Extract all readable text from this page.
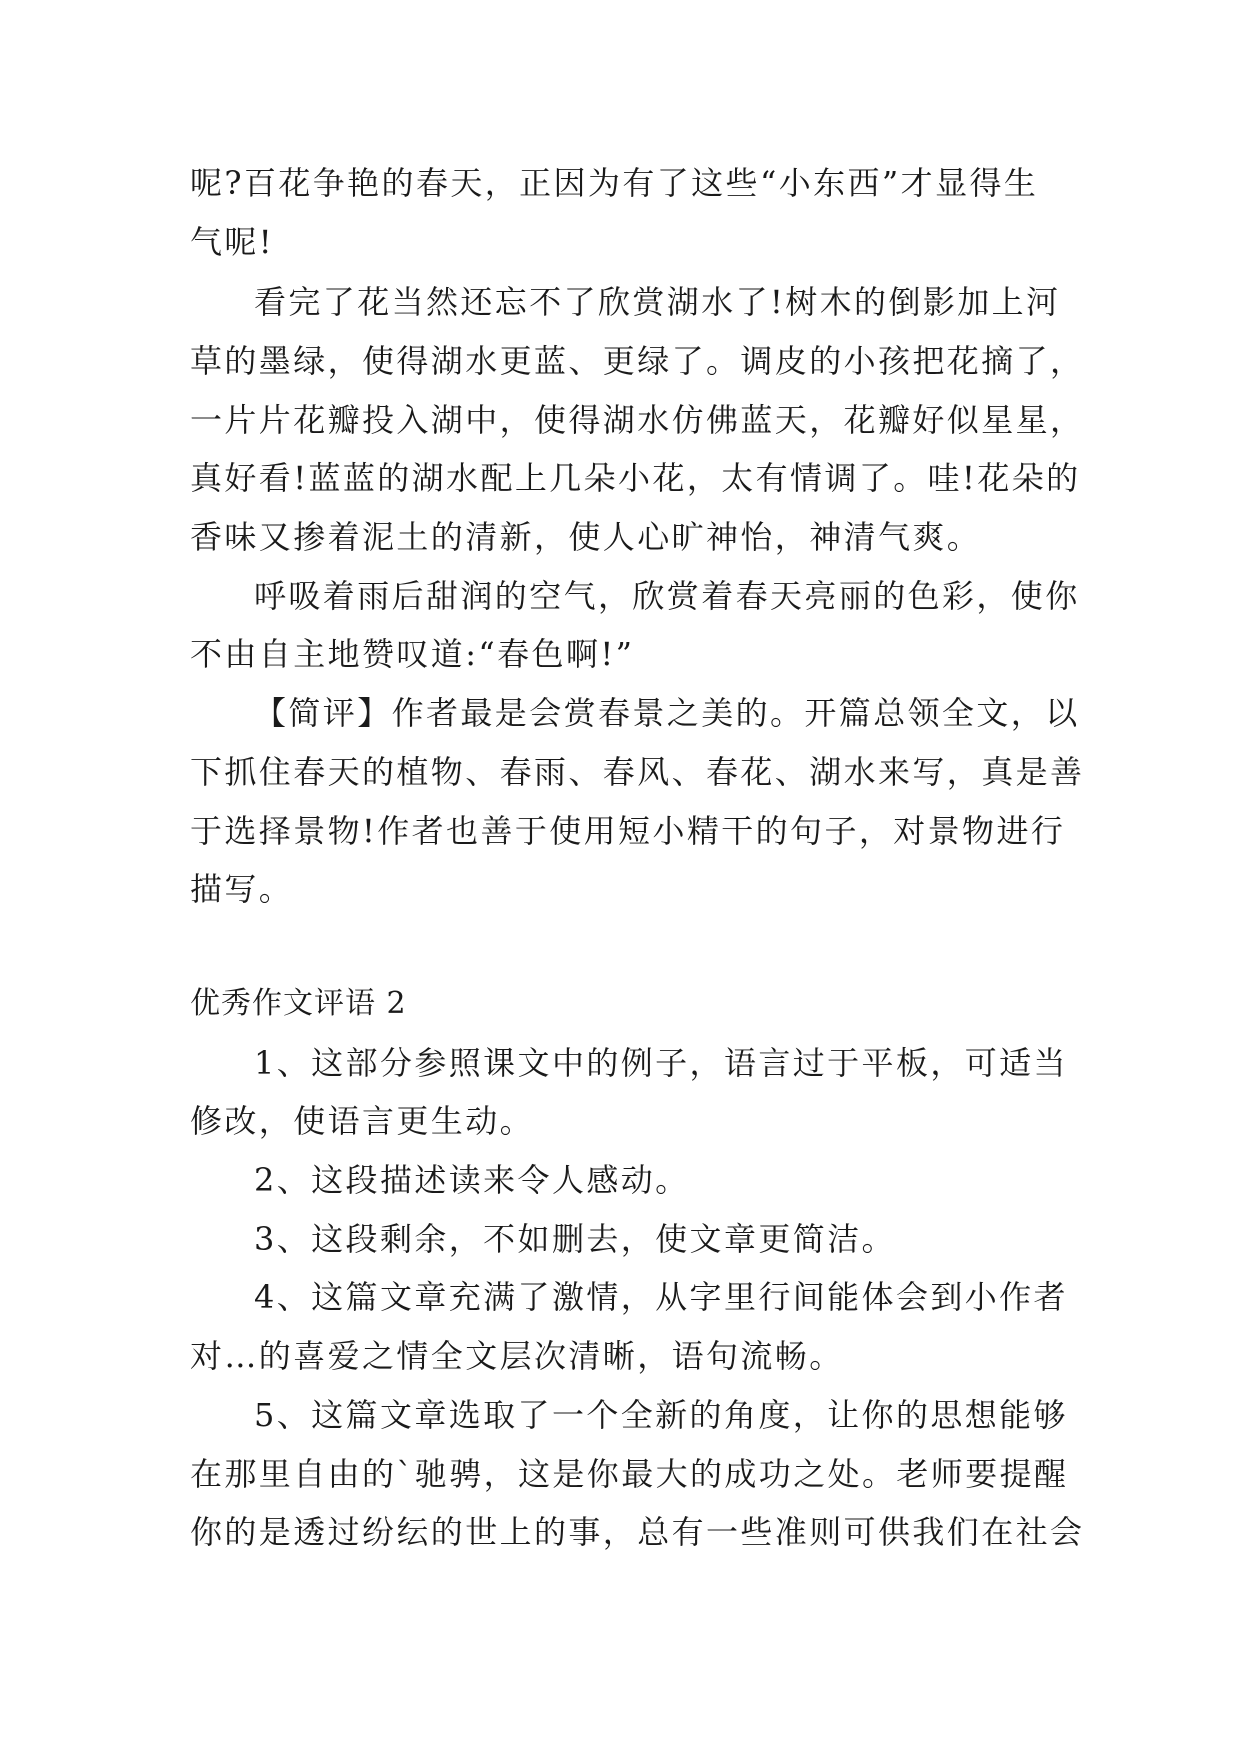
呢?百花争艳的春天，正因为有了这些“小东西”才显得生
气呢!
看完了花当然还忘不了欣赏湖水了!树木的倒影加上河
草的墨绿，使得湖水更蓝、更绿了。调皮的小孩把花摘了，
一片片花瓣投入湖中，使得湖水仿佛蓝天，花瓣好似星星，
真好看!蓝蓝的湖水配上几朵小花，太有情调了。哇!花朵的
香味又掺着泥土的清新，使人心旷神怡，神清气爽。
呼吸着雨后甜润的空气，欣赏着春天亮丽的色彩，使你
不由自主地赞叹道:“春色啊!”
【简评】作者最是会赏春景之美的。开篇总领全文，以
下抓住春天的植物、春雨、春风、春花、湖水来写，真是善
于选择景物!作者也善于使用短小精干的句子，对景物进行
描写。
优秀作文评语 2
1、这部分参照课文中的例子，语言过于平板，可适当
修改，使语言更生动。
2、这段描述读来令人感动。
3、这段剩余，不如删去，使文章更简洁。
4、这篇文章充满了激情，从字里行间能体会到小作者
对…的喜爱之情全文层次清晰，语句流畅。
5、这篇文章选取了一个全新的角度，让你的思想能够
在那里自由的`驰骋，这是你最大的成功之处。老师要提醒
你的是透过纷纭的世上的事，总有一些准则可供我们在社会
